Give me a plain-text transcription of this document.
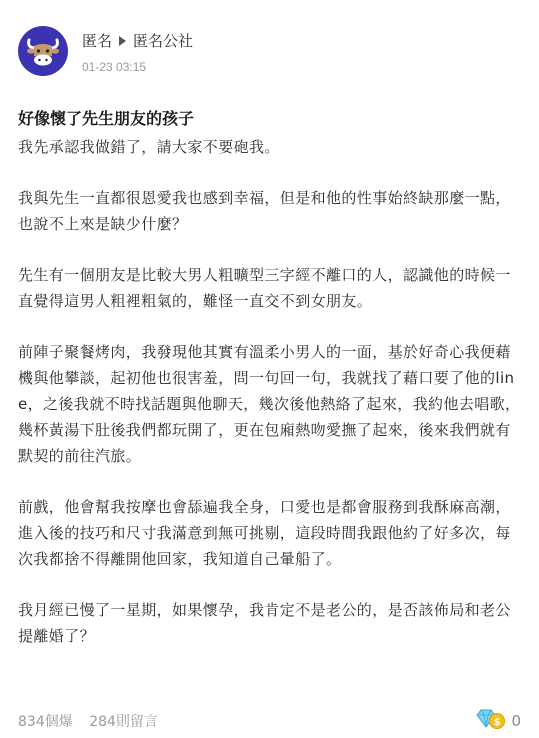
匿名 匿名公社
01-23 03:15
好像懷了先生朋友的孩子

我先承認我做錯了，請大家不要砲我。

我與先生一直都很恩愛我也感到幸福，但是和他的性事始終缺那麼一點，也說不上來是缺少什麼？

先生有一個朋友是比較大男人粗曠型三字經不離口的人，認識他的時候一直覺得這男人粗裡粗氣的，難怪一直交不到女朋友。

前陣子聚餐烤肉，我發現他其實有溫柔小男人的一面，基於好奇心我便藉機與他攀談，起初他也很害羞，問一句回一句，我就找了藉口要了他的line，之後我就不時找話題與他聊天，幾次後他熱絡了起來，我約他去唱歌，幾杯黃湯下肚後我們都玩開了，更在包廂熱吻愛撫了起來，後來我們就有默契的前往汽旅。

前戲，他會幫我按摩也會舔遍我全身，口愛也是都會服務到我酥麻高潮，進入後的技巧和尺寸我滿意到無可挑剔，這段時間我跟他約了好多次，每次我都捨不得離開他回家，我知道自己暈船了。

我月經已慢了一星期，如果懷孕，我肯定不是老公的，是否該佈局和老公提離婚了？

834個爆 284則留言	$ 0
